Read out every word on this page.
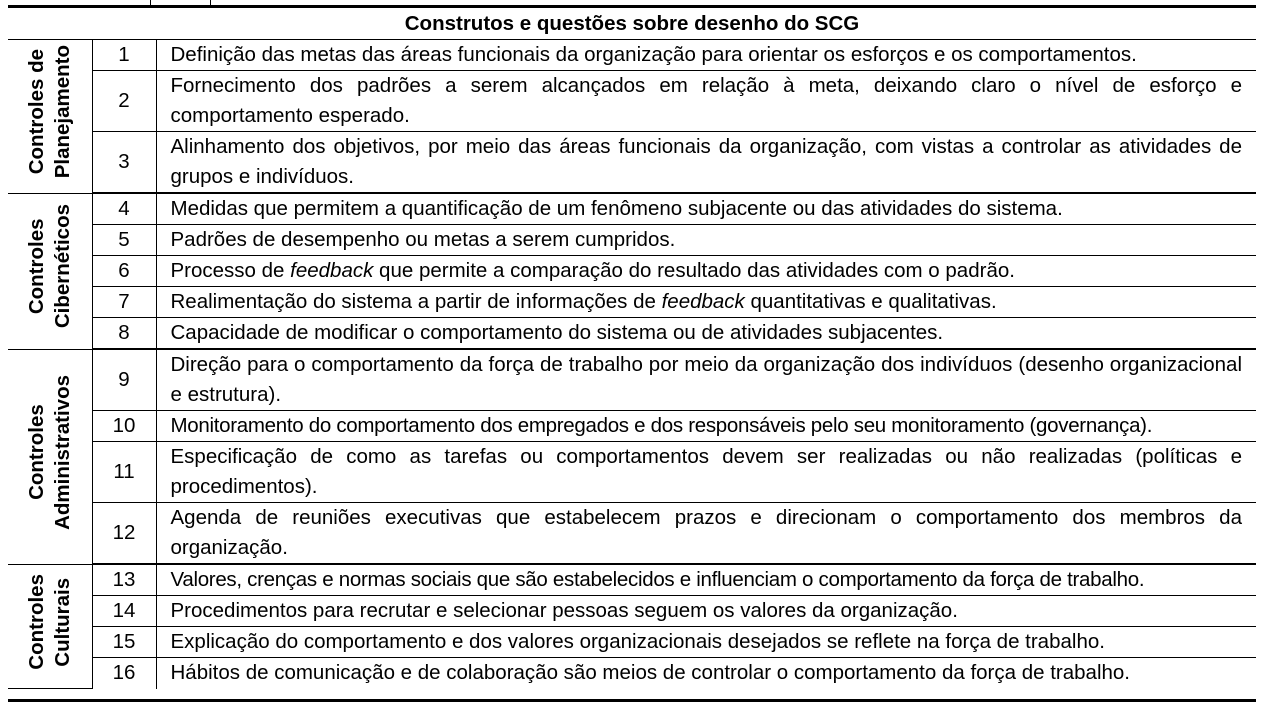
Construtos e questões sobre desenho do SCG		
Controles de Planejamento	1	Definição das metas das áreas funcionais da organização para orientar os esforços e os comportamentos.
	2	Fornecimento dos padrões a serem alcançados em relação à meta, deixando claro o nível de esforço e comportamento esperado.
	3	Alinhamento dos objetivos, por meio das áreas funcionais da organização, com vistas a controlar as atividades de grupos e indivíduos.
Controles Cibernéticos	4	Medidas que permitem a quantificação de um fenômeno subjacente ou das atividades do sistema.
	5	Padrões de desempenho ou metas a serem cumpridos.
	6	Processo de feedback que permite a comparação do resultado das atividades com o padrão.
	7	Realimentação do sistema a partir de informações de feedback quantitativas e qualitativas.
	8	Capacidade de modificar o comportamento do sistema ou de atividades subjacentes.
Controles Administrativos	9	Direção para o comportamento da força de trabalho por meio da organização dos indivíduos (desenho organizacional e estrutura).
	10	Monitoramento do comportamento dos empregados e dos responsáveis pelo seu monitoramento (governança).
	11	Especificação de como as tarefas ou comportamentos devem ser realizadas ou não realizadas (políticas e procedimentos).
	12	Agenda de reuniões executivas que estabelecem prazos e direcionam o comportamento dos membros da organização.
Controles Culturais	13	Valores, crenças e normas sociais que são estabelecidos e influenciam o comportamento da força de trabalho.
	14	Procedimentos para recrutar e selecionar pessoas seguem os valores da organização.
	15	Explicação do comportamento e dos valores organizacionais desejados se reflete na força de trabalho.
	16	Hábitos de comunicação e de colaboração são meios de controlar o comportamento da força de trabalho.
